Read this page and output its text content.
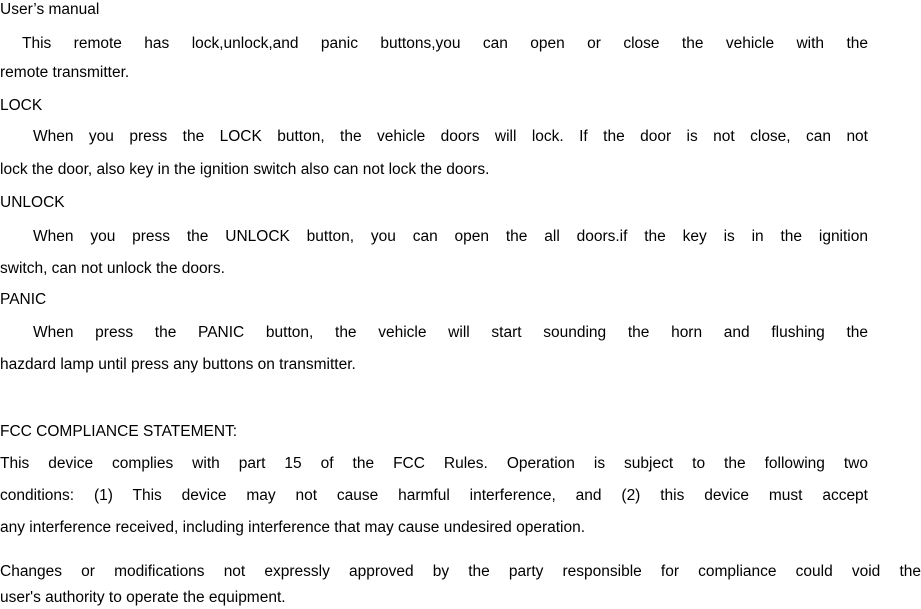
User’s manual
This remote has lock,unlock,and panic buttons,you can open or close the vehicle with the
remote transmitter.
LOCK
When you press the LOCK button, the vehicle doors will lock. If the door is not close, can not
lock the door, also key in the ignition switch also can not lock the doors.
UNLOCK
When you press the UNLOCK button, you can open the all doors.if the key is in the ignition
switch, can not unlock the doors.
PANIC
When press the PANIC button, the vehicle will start sounding the horn and flushing the
hazdard lamp until press any buttons on transmitter.
FCC COMPLIANCE STATEMENT:
This device complies with part 15 of the FCC Rules. Operation is subject to the following two
conditions: (1) This device may not cause harmful interference, and (2) this device must accept
any interference received, including interference that may cause undesired operation.
Changes or modifications not expressly approved by the party responsible for compliance could void the
user's authority to operate the equipment.
